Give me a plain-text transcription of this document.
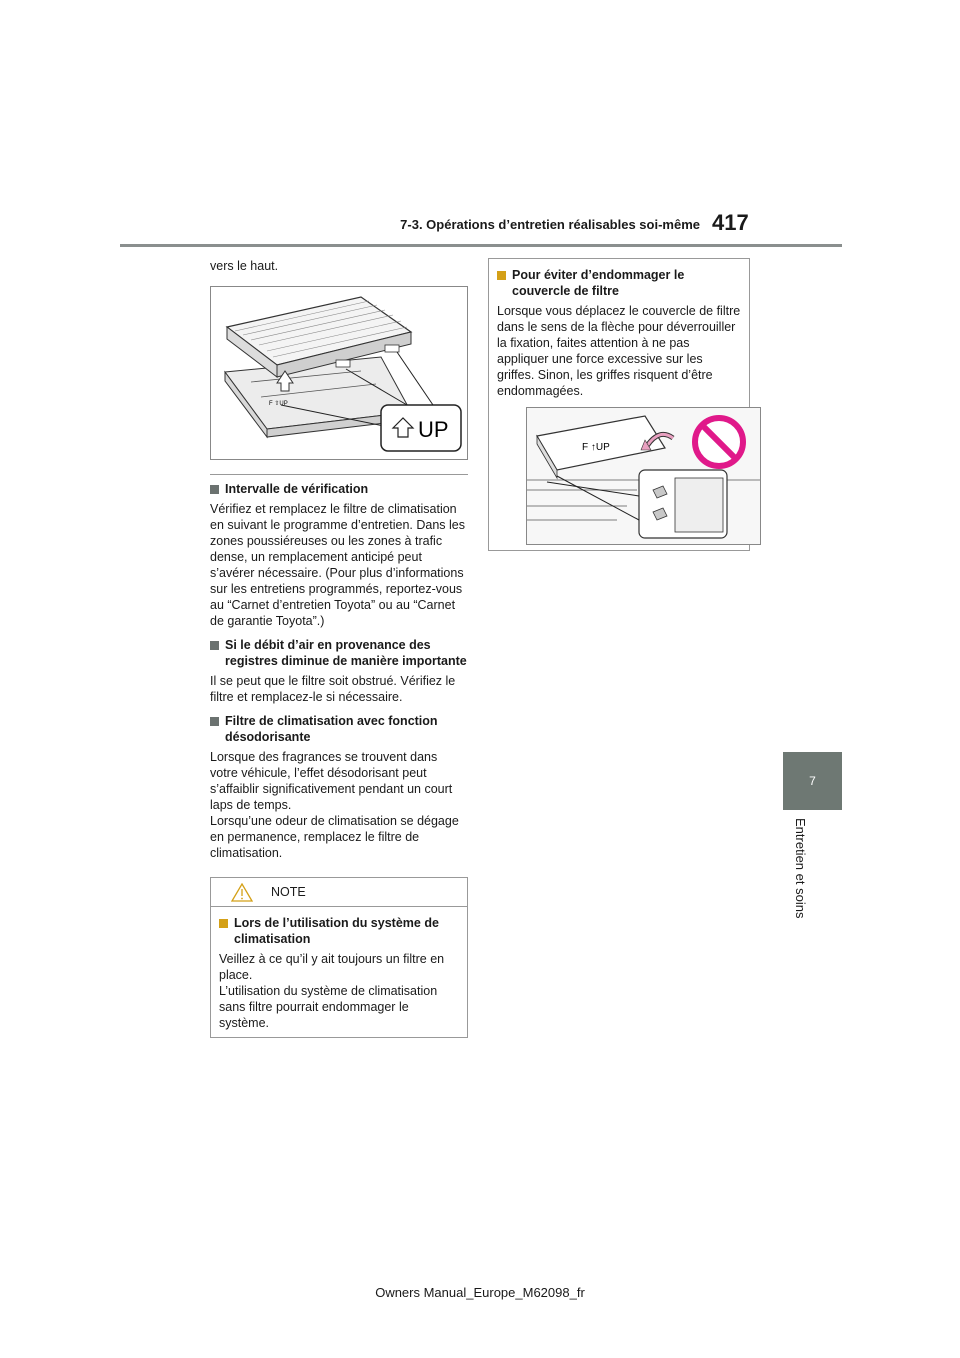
7-3. Opérations d’entretien réalisables soi-même 417
7
Entretien et soins

vers le haut.

UP
F ⇧UP
Intervalle de vérification

Vérifiez et remplacez le filtre de climatisation en suivant le programme d’entretien. Dans les zones poussiéreuses ou les zones à trafic dense, un remplacement anticipé peut s’avérer nécessaire. (Pour plus d’informations sur les entretiens programmés, reportez-vous au “Carnet d’entretien Toyota” ou au “Carnet de garantie Toyota”.)

Si le débit d’air en provenance des registres diminue de manière importante

Il se peut que le filtre soit obstrué. Vérifiez le filtre et remplacez-le si nécessaire.

Filtre de climatisation avec fonction désodorisante

Lorsque des fragrances se trouvent dans votre véhicule, l’effet désodorisant peut s’affaiblir significativement pendant un court laps de temps.

Lorsqu’une odeur de climatisation se dégage en permanence, remplacez le filtre de climatisation.

NOTE
Lors de l’utilisation du système de climatisation

Veillez à ce qu’il y ait toujours un filtre en place.

L’utilisation du système de climatisation sans filtre pourrait endommager le système.

Pour éviter d’endommager le couvercle de filtre

Lorsque vous déplacez le couvercle de filtre dans le sens de la flèche pour déverrouiller la fixation, faites attention à ne pas appliquer une force excessive sur les griffes. Sinon, les griffes risquent d’être endommagées.

F ↑UP
Owners Manual_Europe_M62098_fr
